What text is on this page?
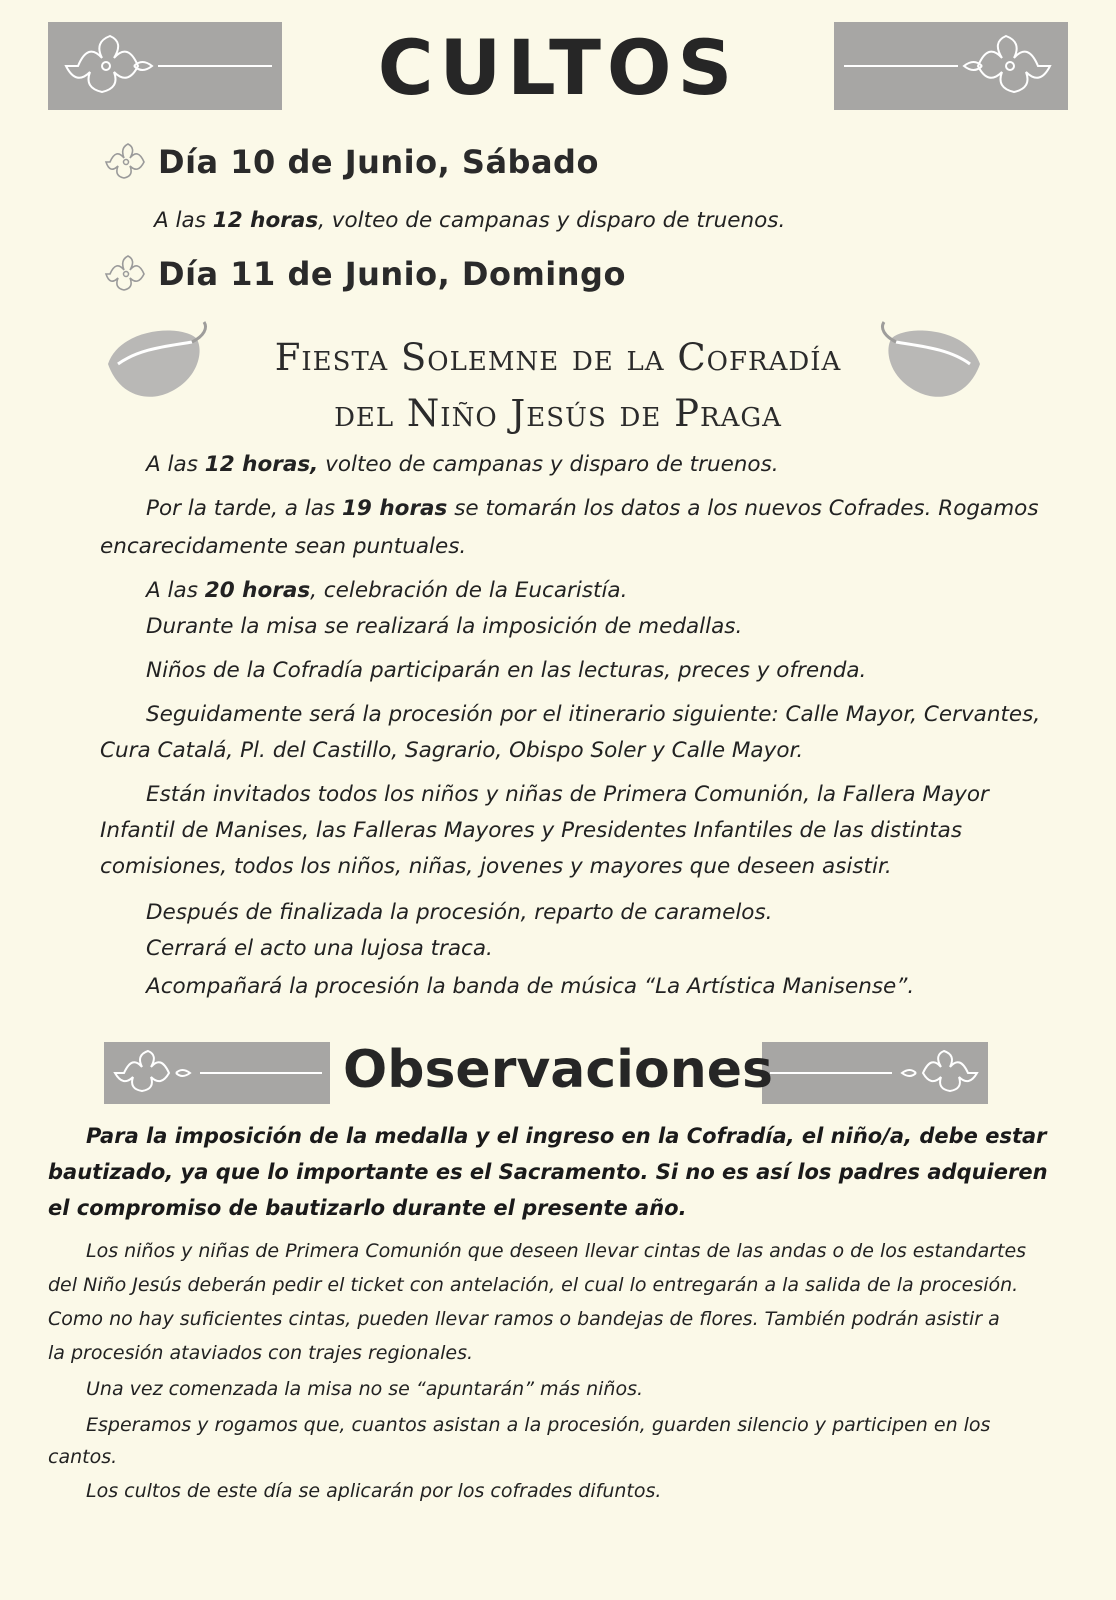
CULTOS
Día 10 de Junio, Sábado

A las 12 horas, volteo de campanas y disparo de truenos.

Día 11 de Junio, Domingo
Fiesta Solemne de la Cofradía
del Niño Jesús de Praga

A las 12 horas, volteo de campanas y disparo de truenos.

Por la tarde, a las 19 horas se tomarán los datos a los nuevos Cofrades. Rogamos

encarecidamente sean puntuales.

A las 20 horas, celebración de la Eucaristía.

Durante la misa se realizará la imposición de medallas.

Niños de la Cofradía participarán en las lecturas, preces y ofrenda.

Seguidamente será la procesión por el itinerario siguiente: Calle Mayor, Cervantes,

Cura Catalá, Pl. del Castillo, Sagrario, Obispo Soler y Calle Mayor.

Están invitados todos los niños y niñas de Primera Comunión, la Fallera Mayor

Infantil de Manises, las Falleras Mayores y Presidentes Infantiles de las distintas

comisiones, todos los niños, niñas, jovenes y mayores que deseen asistir.

Después de finalizada la procesión, reparto de caramelos.

Cerrará el acto una lujosa traca.

Acompañará la procesión la banda de música “La Artística Manisense”.

Observaciones
Para la imposición de la medalla y el ingreso en la Cofradía, el niño/a, debe estar
bautizado, ya que lo importante es el Sacramento. Si no es así los padres adquieren
el compromiso de bautizarlo durante el presente año.

Los niños y niñas de Primera Comunión que deseen llevar cintas de las andas o de los estandartes

del Niño Jesús deberán pedir el ticket con antelación, el cual lo entregarán a la salida de la procesión.

Como no hay suficientes cintas, pueden llevar ramos o bandejas de flores. También podrán asistir a

la procesión ataviados con trajes regionales.

Una vez comenzada la misa no se “apuntarán” más niños.

Esperamos y rogamos que, cuantos asistan a la procesión, guarden silencio y participen en los

cantos.

Los cultos de este día se aplicarán por los cofrades difuntos.
